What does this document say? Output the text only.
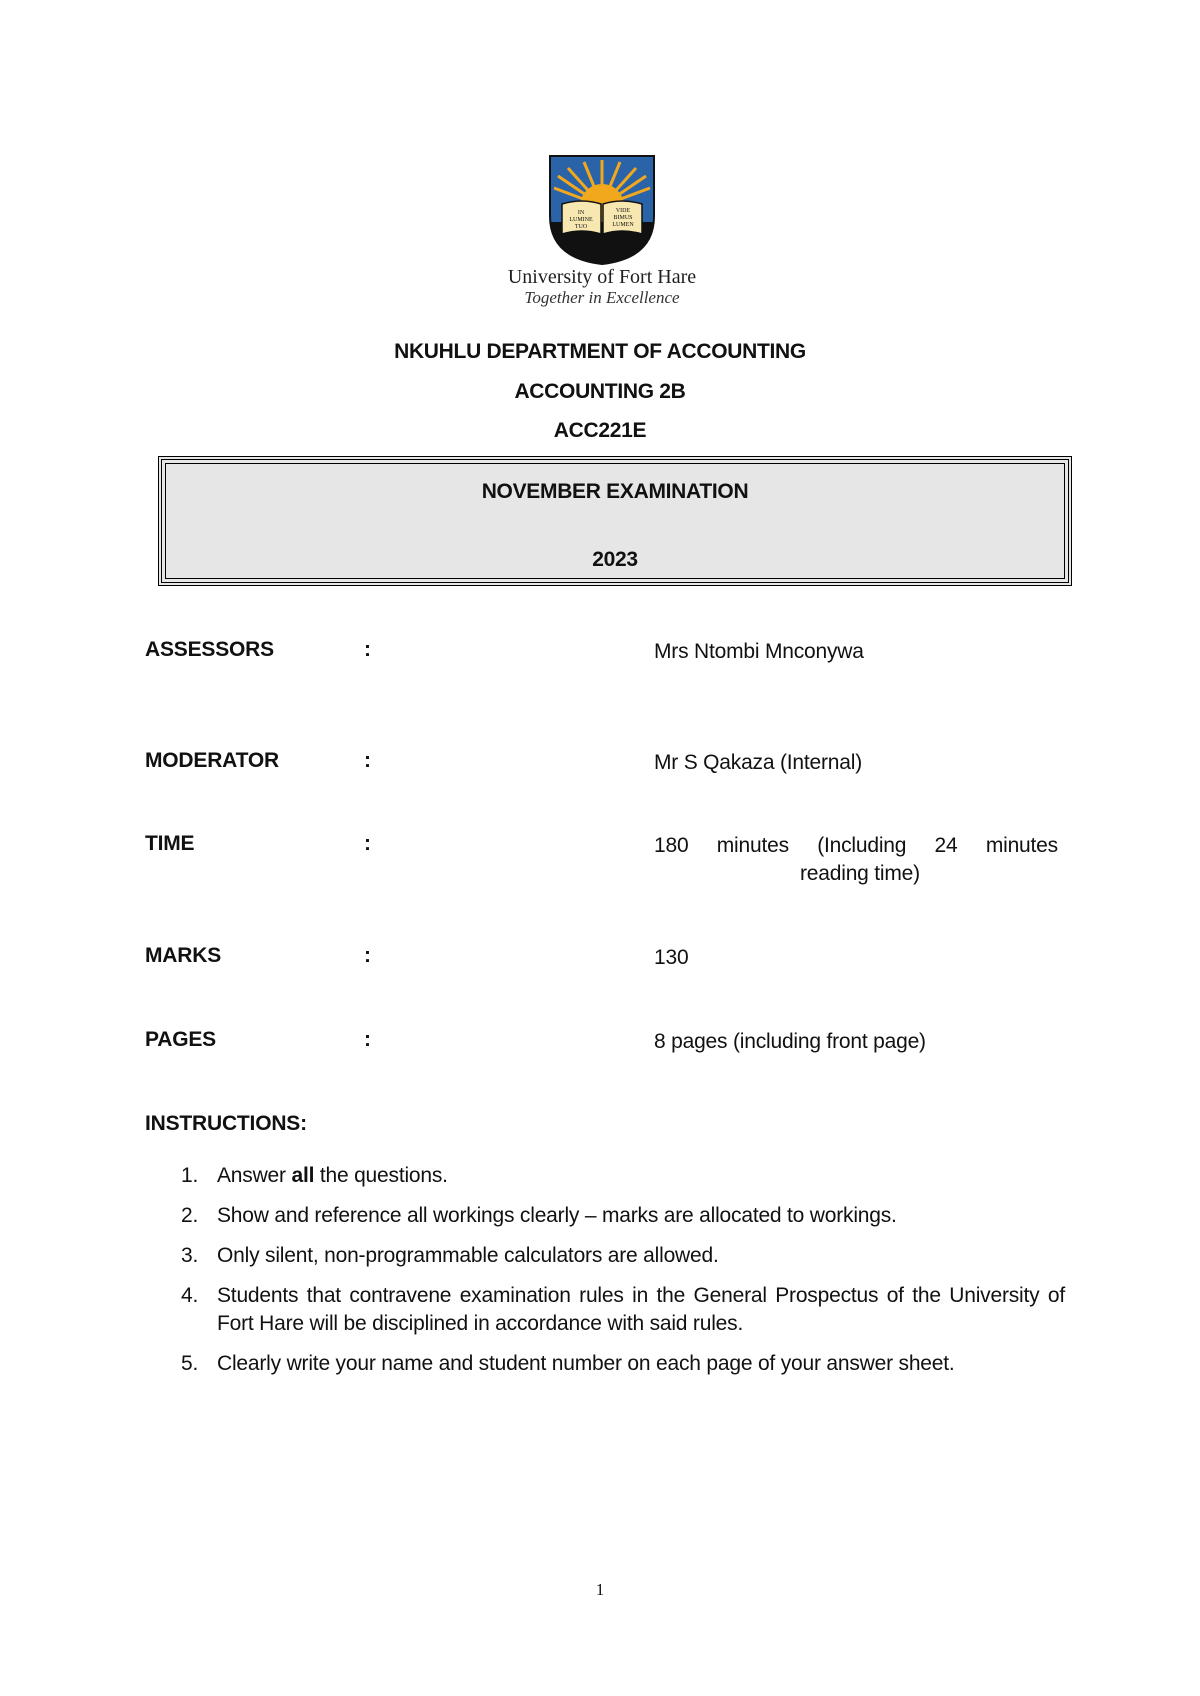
IN
LUMINE
TUO
VIDE
BIMUS
LUMEN
University of Fort Hare
Together in Excellence
NKUHLU DEPARTMENT OF ACCOUNTING
ACCOUNTING 2B
ACC221E
NOVEMBER EXAMINATION
2023
ASSESSORS	:	Mrs Ntombi Mnconywa
MODERATOR	:	Mr S Qakaza (Internal)
TIME	:	180 minutes (Including 24 minutes
reading time)
MARKS	:	130
PAGES	:	8 pages (including front page)
INSTRUCTIONS:
1. Answer all the questions.
2. Show and reference all workings clearly – marks are allocated to workings.
3. Only silent, non-programmable calculators are allowed.
4. Students that contravene examination rules in the General Prospectus of the University of Fort Hare will be disciplined in accordance with said rules.
5. Clearly write your name and student number on each page of your answer sheet.
1
